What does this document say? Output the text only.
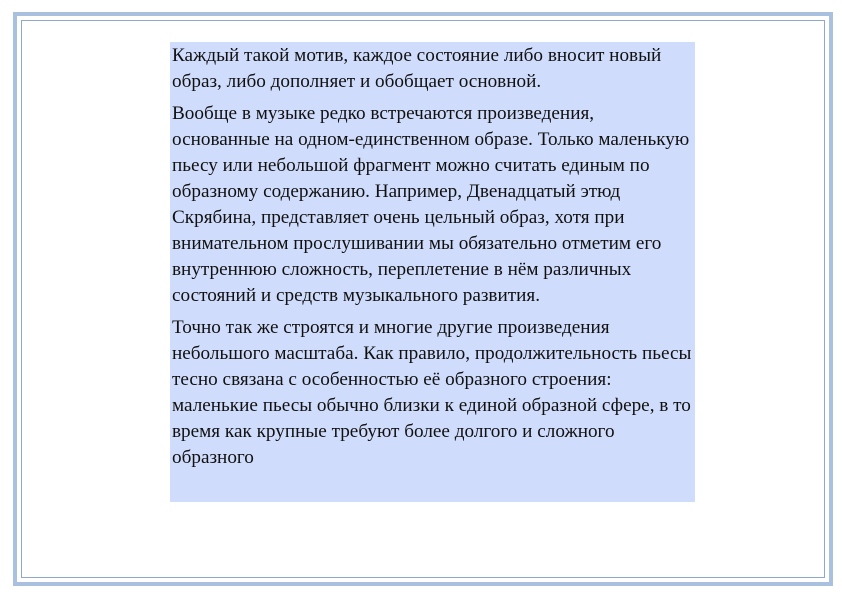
Каждый такой мотив, каждое состояние либо вносит новый образ, либо дополняет и обобщает основной.

Вообще в музыке редко встречаются произведения, основанные на одном-единственном образе. Только маленькую пьесу или небольшой фрагмент можно считать единым по образному содержанию. Например, Двенадцатый этюд Скрябина, представляет очень цельный образ, хотя при внимательном прослушивании мы обязательно отметим его внутреннюю сложность, переплетение в нём различных состояний и средств музыкального развития.

Точно так же строятся и многие другие произведения небольшого масштаба. Как правило, продолжительность пьесы тесно связана с особенностью её образного строения: маленькие пьесы обычно близки к единой образной сфере, в то время как крупные требуют более долгого и сложного образного
